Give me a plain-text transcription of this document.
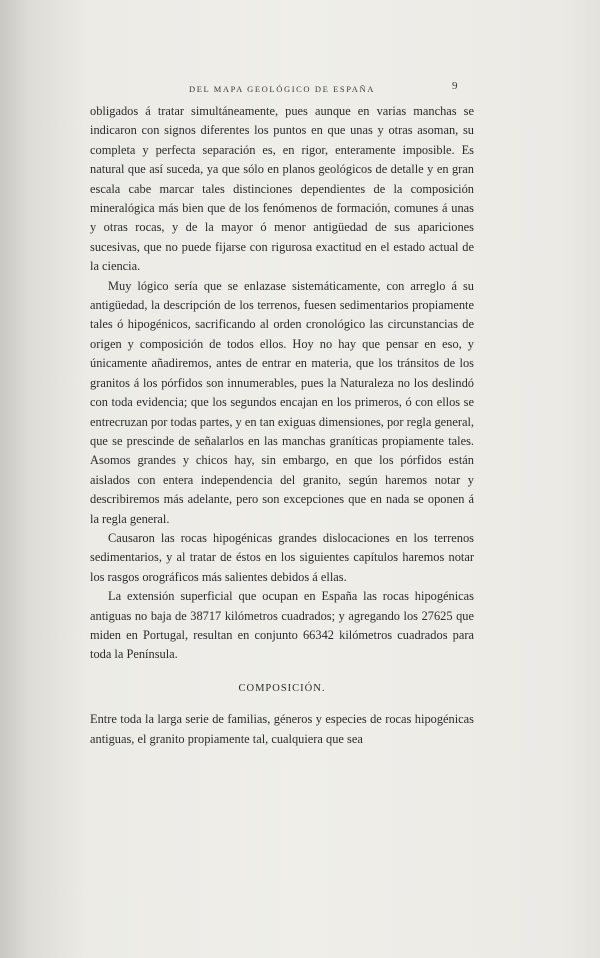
DEL MAPA GEOLÓGICO DE ESPAÑA	9

obligados á tratar simultáneamente, pues aunque en varias manchas se indicaron con signos diferentes los puntos en que unas y otras asoman, su completa y perfecta separación es, en rigor, enteramente imposible. Es natural que así suceda, ya que sólo en planos geológicos de detalle y en gran escala cabe marcar tales distinciones dependientes de la composición mineralógica más bien que de los fenómenos de formación, comunes á unas y otras rocas, y de la mayor ó menor antigüedad de sus apariciones sucesivas, que no puede fijarse con rigurosa exactitud en el estado actual de la ciencia.

Muy lógico sería que se enlazase sistemáticamente, con arreglo á su antigüedad, la descripción de los terrenos, fuesen sedimentarios propiamente tales ó hipogénicos, sacrificando al orden cronológico las circunstancias de origen y composición de todos ellos. Hoy no hay que pensar en eso, y únicamente añadiremos, antes de entrar en materia, que los tránsitos de los granitos á los pórfidos son innumerables, pues la Naturaleza no los deslindó con toda evidencia; que los segundos encajan en los primeros, ó con ellos se entrecruzan por todas partes, y en tan exiguas dimensiones, por regla general, que se prescinde de señalarlos en las manchas graníticas propiamente tales. Asomos grandes y chicos hay, sin embargo, en que los pórfidos están aislados con entera independencia del granito, según haremos notar y describiremos más adelante, pero son excepciones que en nada se oponen á la regla general.

Causaron las rocas hipogénicas grandes dislocaciones en los terrenos sedimentarios, y al tratar de éstos en los siguientes capítulos haremos notar los rasgos orográficos más salientes debidos á ellas.

La extensión superficial que ocupan en España las rocas hipogénicas antiguas no baja de 38717 kilómetros cuadrados; y agregando los 27625 que miden en Portugal, resultan en conjunto 66342 kilómetros cuadrados para toda la Península.

COMPOSICIÓN.

Entre toda la larga serie de familias, géneros y especies de rocas hipogénicas antiguas, el granito propiamente tal, cualquiera que sea
